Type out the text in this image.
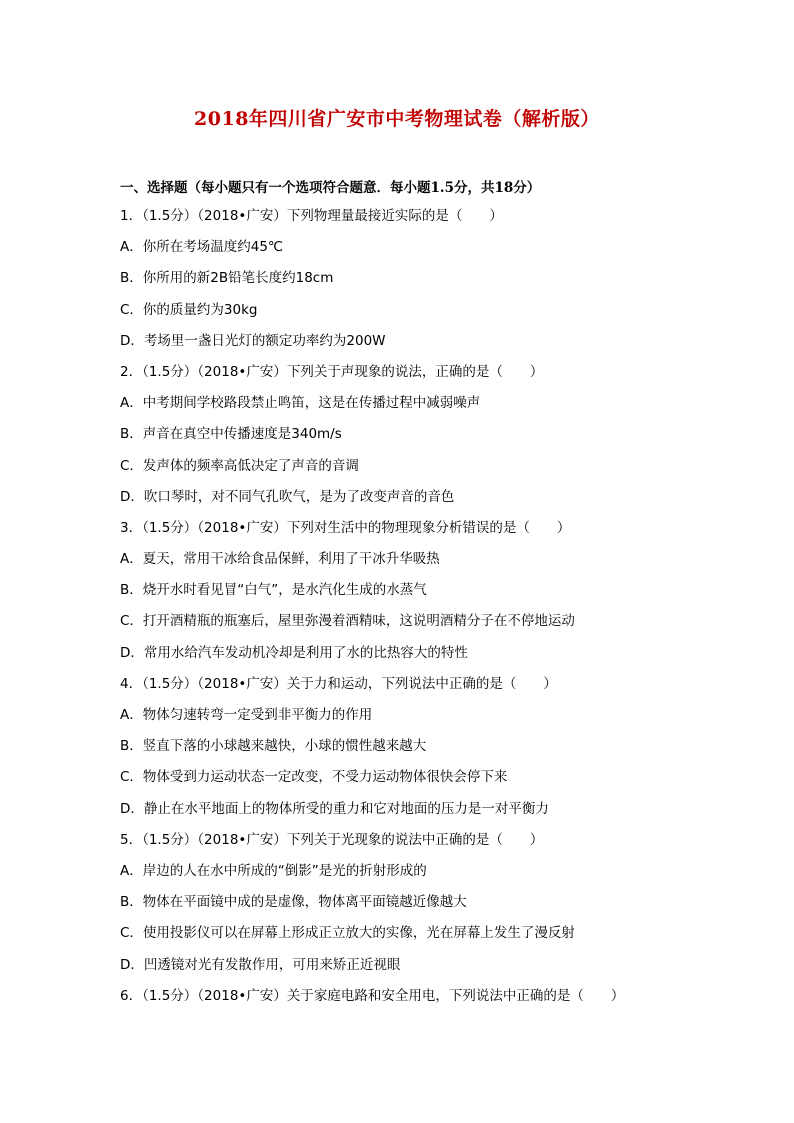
2018年四川省广安市中考物理试卷（解析版）
一、选择题（每小题只有一个选项符合题意．每小题1.5分，共18分）
1．（1.5分）（2018•广安）下列物理量最接近实际的是（　　）
A．你所在考场温度约45℃
B．你所用的新2B铅笔长度约18cm
C．你的质量约为30kg
D．考场里一盏日光灯的额定功率约为200W
2．（1.5分）（2018•广安）下列关于声现象的说法，正确的是（　　）
A．中考期间学校路段禁止鸣笛，这是在传播过程中减弱噪声
B．声音在真空中传播速度是340m/s
C．发声体的频率高低决定了声音的音调
D．吹口琴时，对不同气孔吹气，是为了改变声音的音色
3．（1.5分）（2018•广安）下列对生活中的物理现象分析错误的是（　　）
A．夏天，常用干冰给食品保鲜，利用了干冰升华吸热
B．烧开水时看见冒“白气”，是水汽化生成的水蒸气
C．打开酒精瓶的瓶塞后，屋里弥漫着酒精味，这说明酒精分子在不停地运动
D．常用水给汽车发动机冷却是利用了水的比热容大的特性
4．（1.5分）（2018•广安）关于力和运动，下列说法中正确的是（　　）
A．物体匀速转弯一定受到非平衡力的作用
B．竖直下落的小球越来越快，小球的惯性越来越大
C．物体受到力运动状态一定改变，不受力运动物体很快会停下来
D．静止在水平地面上的物体所受的重力和它对地面的压力是一对平衡力
5．（1.5分）（2018•广安）下列关于光现象的说法中正确的是（　　）
A．岸边的人在水中所成的“倒影”是光的折射形成的
B．物体在平面镜中成的是虚像，物体离平面镜越近像越大
C．使用投影仪可以在屏幕上形成正立放大的实像，光在屏幕上发生了漫反射
D．凹透镜对光有发散作用，可用来矫正近视眼
6．（1.5分）（2018•广安）关于家庭电路和安全用电，下列说法中正确的是（　　）
